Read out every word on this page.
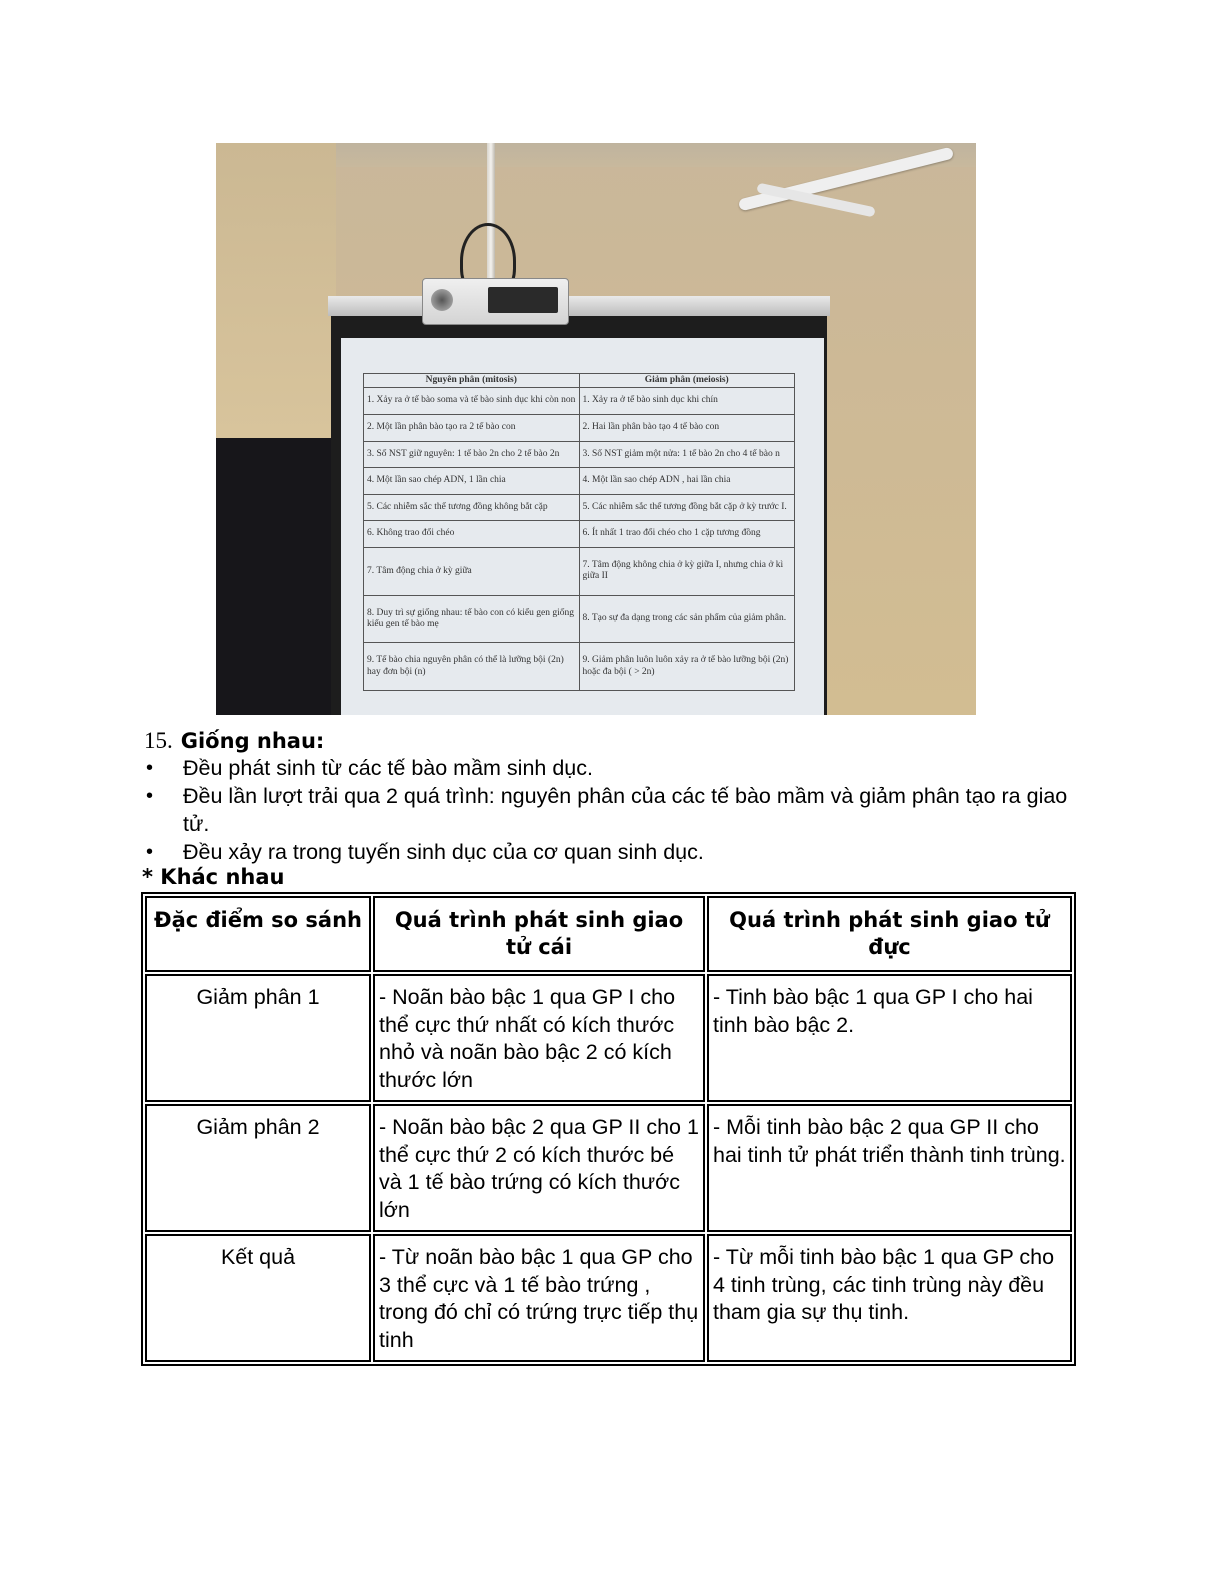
Nguyên phân (mitosis)	Giảm phân (meiosis)
1. Xảy ra ở tế bào soma và tế bào sinh dục khi còn non	1. Xảy ra ở tế bào sinh dục khi chín
2. Một lần phân bào tạo ra 2 tế bào con	2. Hai lần phân bào tạo 4 tế bào con
3. Số NST giữ nguyên: 1 tế bào 2n cho 2 tế bào 2n	3. Số NST giảm một nửa: 1 tế bào 2n cho 4 tế bào n
4. Một lần sao chép ADN, 1 lần chia	4. Một lần sao chép ADN , hai lần chia
5. Các nhiễm sắc thể tương đồng không bắt cặp	5. Các nhiễm sắc thể tương đồng bắt cặp ở kỳ trước I.
6. Không trao đổi chéo	6. Ít nhất 1 trao đổi chéo cho 1 cặp tương đồng
7. Tâm động chia ở kỳ giữa	7. Tâm động không chia ở kỳ giữa I, nhưng chia ở kì giữa II
8. Duy trì sự giống nhau: tế bào con có kiểu gen giống kiểu gen tế bào mẹ	8. Tạo sự đa dạng trong các sản phẩm của giảm phân.
9. Tế bào chia nguyên phân có thể là lưỡng bội (2n) hay đơn bội (n)	9. Giảm phân luôn luôn xảy ra ở tế bào lưỡng bội (2n) hoặc đa bội ( > 2n)
15. Giống nhau:
• Đều phát sinh từ các tế bào mầm sinh dục.
• Đều lần lượt trải qua 2 quá trình: nguyên phân của các tế bào mầm và giảm phân tạo ra giao tử.
• Đều xảy ra trong tuyến sinh dục của cơ quan sinh dục.
* Khác nhau
Đặc điểm so sánh	Quá trình phát sinh giao tử cái	Quá trình phát sinh giao tử đực
Giảm phân 1	- Noãn bào bậc 1 qua GP I cho thể cực thứ nhất có kích thước nhỏ và noãn bào bậc 2 có kích thước lớn	- Tinh bào bậc 1 qua GP I cho hai tinh bào bậc 2.
Giảm phân 2	- Noãn bào bậc 2 qua GP II cho 1 thể cực thứ 2 có kích thước bé và 1 tế bào trứng có kích thước lớn	- Mỗi tinh bào bậc 2 qua GP II cho hai tinh tử phát triển thành tinh trùng.
Kết quả	- Từ noãn bào bậc 1 qua GP cho 3 thể cực và 1 tế bào trứng , trong đó chỉ có trứng trực tiếp thụ tinh	- Từ mỗi tinh bào bậc 1 qua GP cho 4 tinh trùng, các tinh trùng này đều tham gia sự thụ tinh.
